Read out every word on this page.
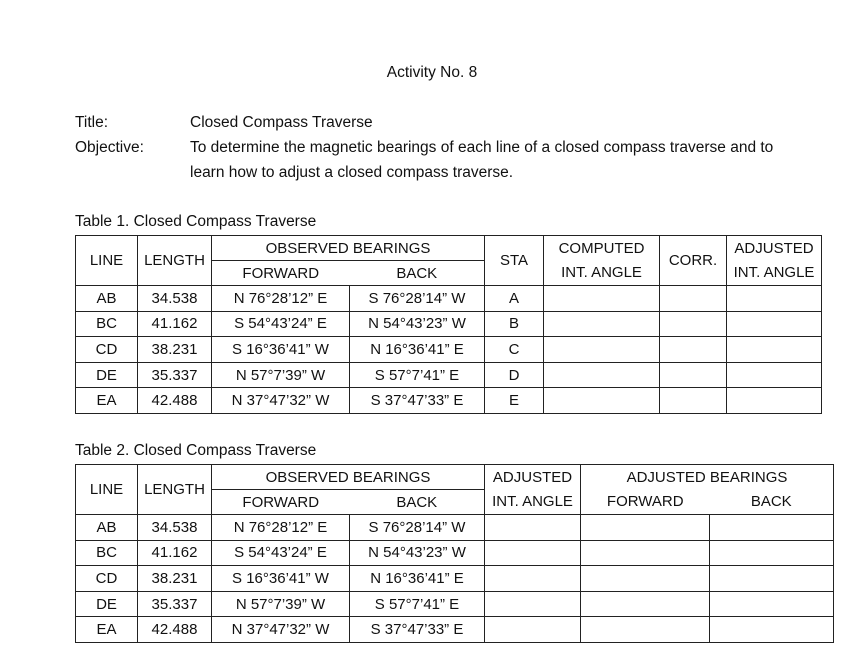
Activity No. 8
Title:	Closed Compass Traverse
Objective:	To determine the magnetic bearings of each line of a closed compass traverse and to
learn how to adjust a closed compass traverse.
Table 1. Closed Compass Traverse
LINE	LENGTH	OBSERVED BEARINGS		STA	COMPUTED	CORR.	ADJUSTED
		FORWARD	BACK		INT. ANGLE		INT. ANGLE
AB	34.538	N 76°28’12” E	S 76°28’14” W	A			
BC	41.162	S 54°43’24” E	N 54°43’23” W	B			
CD	38.231	S 16°36’41” W	N 16°36’41” E	C			
DE	35.337	N 57°7’39” W	S 57°7’41” E	D			
EA	42.488	N 37°47’32” W	S 37°47’33” E	E			
Table 2. Closed Compass Traverse
LINE	LENGTH	OBSERVED BEARINGS		ADJUSTED	ADJUSTED BEARINGS	
		FORWARD	BACK	INT. ANGLE	FORWARD	BACK
AB	34.538	N 76°28’12” E	S 76°28’14” W			
BC	41.162	S 54°43’24” E	N 54°43’23” W			
CD	38.231	S 16°36’41” W	N 16°36’41” E			
DE	35.337	N 57°7’39” W	S 57°7’41” E			
EA	42.488	N 37°47’32” W	S 37°47’33” E			
